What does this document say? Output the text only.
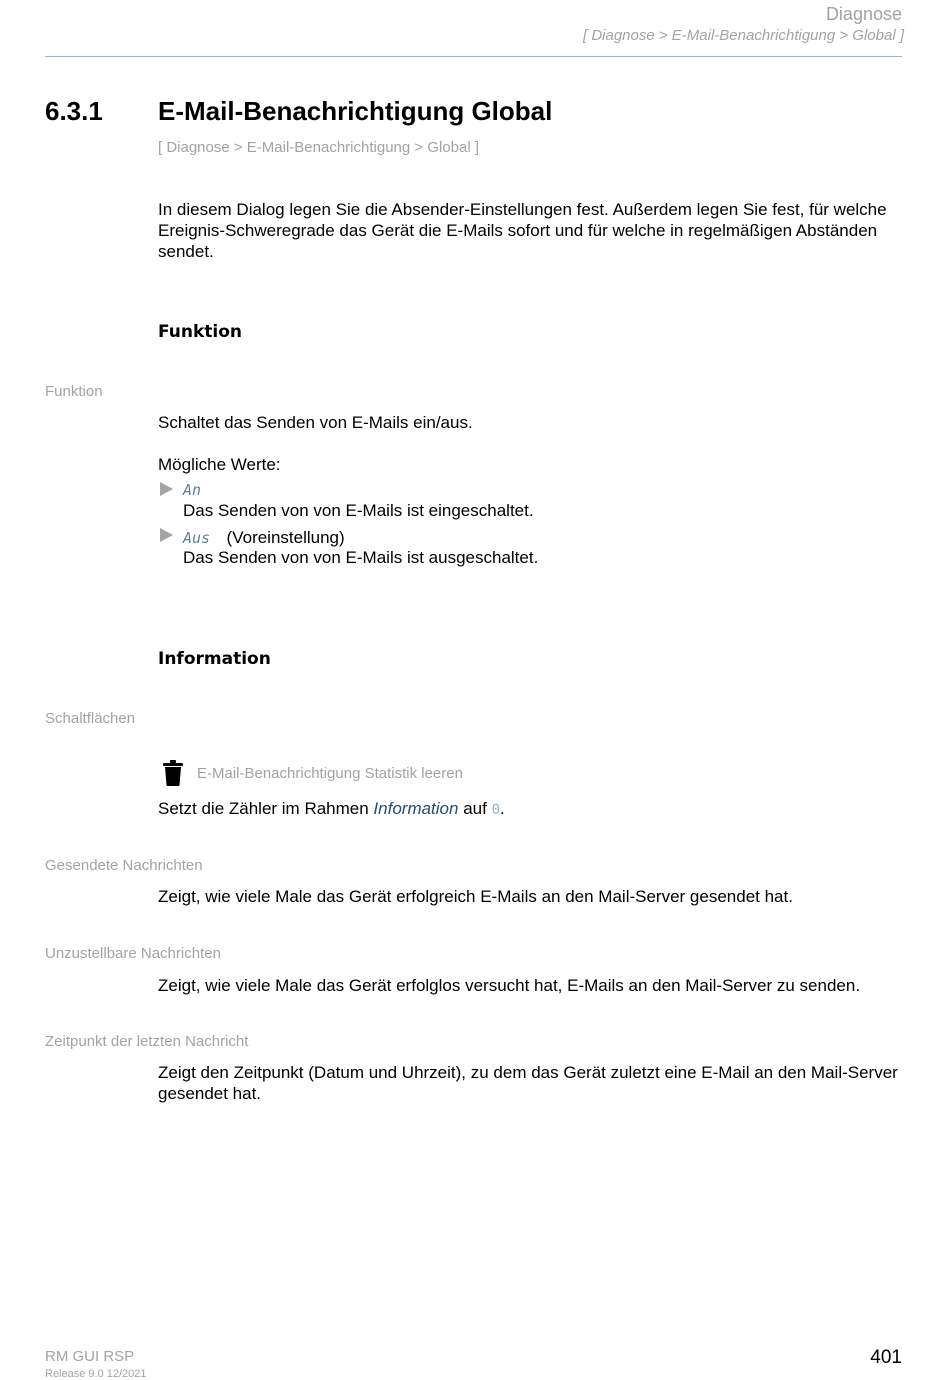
Diagnose
[ Diagnose > E-Mail-Benachrichtigung > Global ]
6.3.1 E-Mail-Benachrichtigung Global
[ Diagnose > E-Mail-Benachrichtigung > Global ]
In diesem Dialog legen Sie die Absender-Einstellungen fest. Außerdem legen Sie fest, für welche Ereignis-Schweregrade das Gerät die E-Mails sofort und für welche in regelmäßigen Abständen sendet.
Funktion
Funktion
Schaltet das Senden von E-Mails ein/aus.
Mögliche Werte:
An
Das Senden von von E-Mails ist eingeschaltet.
Aus (Voreinstellung)
Das Senden von von E-Mails ist ausgeschaltet.
Information
Schaltflächen
E-Mail-Benachrichtigung Statistik leeren
Setzt die Zähler im Rahmen Information auf 0.
Gesendete Nachrichten
Zeigt, wie viele Male das Gerät erfolgreich E-Mails an den Mail-Server gesendet hat.
Unzustellbare Nachrichten
Zeigt, wie viele Male das Gerät erfolglos versucht hat, E-Mails an den Mail-Server zu senden.
Zeitpunkt der letzten Nachricht
Zeigt den Zeitpunkt (Datum und Uhrzeit), zu dem das Gerät zuletzt eine E-Mail an den Mail-Server gesendet hat.
RM GUI RSP
Release 9.0 12/2021
401
